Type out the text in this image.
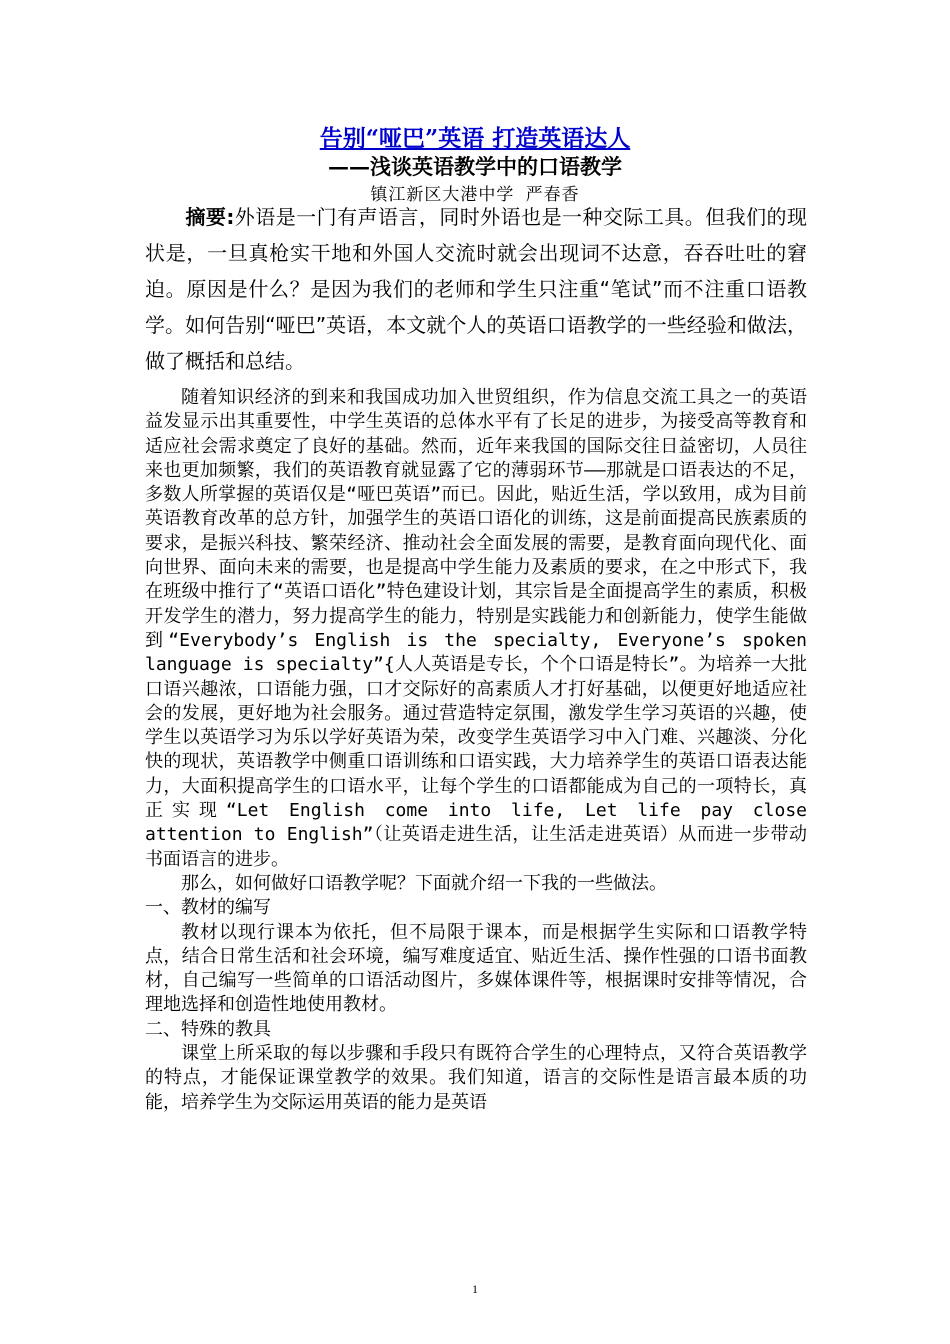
告别“哑巴”英语 打造英语达人
——浅谈英语教学中的口语教学
镇江新区大港中学 严春香
摘要:外语是一门有声语言，同时外语也是一种交际工具。但我们的现状是，一旦真枪实干地和外国人交流时就会出现词不达意，吞吞吐吐的窘迫。原因是什么？是因为我们的老师和学生只注重“笔试”而不注重口语教学。如何告别“哑巴”英语，本文就个人的英语口语教学的一些经验和做法，做了概括和总结。

随着知识经济的到来和我国成功加入世贸组织，作为信息交流工具之一的英语益发显示出其重要性，中学生英语的总体水平有了长足的进步，为接受高等教育和适应社会需求奠定了良好的基础。然而，近年来我国的国际交往日益密切，人员往来也更加频繁，我们的英语教育就显露了它的薄弱环节——那就是口语表达的不足，多数人所掌握的英语仅是“哑巴英语”而已。因此，贴近生活，学以致用，成为目前英语教育改革的总方针，加强学生的英语口语化的训练，这是前面提高民族素质的要求，是振兴科技、繁荣经济、推动社会全面发展的需要，是教育面向现代化、面向世界、面向未来的需要，也是提高中学生能力及素质的要求，在之中形式下，我在班级中推行了“英语口语化”特色建设计划，其宗旨是全面提高学生的素质，积极开发学生的潜力，努力提高学生的能力，特别是实践能力和创新能力，使学生能做到“Everybody’s English is the specialty, Everyone’s spoken language is specialty”{人人英语是专长，个个口语是特长”。为培养一大批口语兴趣浓，口语能力强，口才交际好的高素质人才打好基础，以便更好地适应社会的发展，更好地为社会服务。通过营造特定氛围，激发学生学习英语的兴趣，使学生以英语学习为乐以学好英语为荣，改变学生英语学习中入门难、兴趣淡、分化快的现状，英语教学中侧重口语训练和口语实践，大力培养学生的英语口语表达能力，大面积提高学生的口语水平，让每个学生的口语都能成为自己的一项特长，真正实现“Let English come into life, Let life pay close attention to English”（让英语走进生活，让生活走进英语）从而进一步带动书面语言的进步。

那么，如何做好口语教学呢？下面就介绍一下我的一些做法。

一、教材的编写

教材以现行课本为依托，但不局限于课本，而是根据学生实际和口语教学特点，结合日常生活和社会环境，编写难度适宜、贴近生活、操作性强的口语书面教材，自己编写一些简单的口语活动图片，多媒体课件等，根据课时安排等情况，合理地选择和创造性地使用教材。

二、特殊的教具

课堂上所采取的每以步骤和手段只有既符合学生的心理特点，又符合英语教学的特点，才能保证课堂教学的效果。我们知道，语言的交际性是语言最本质的功能，培养学生为交际运用英语的能力是英语

1
